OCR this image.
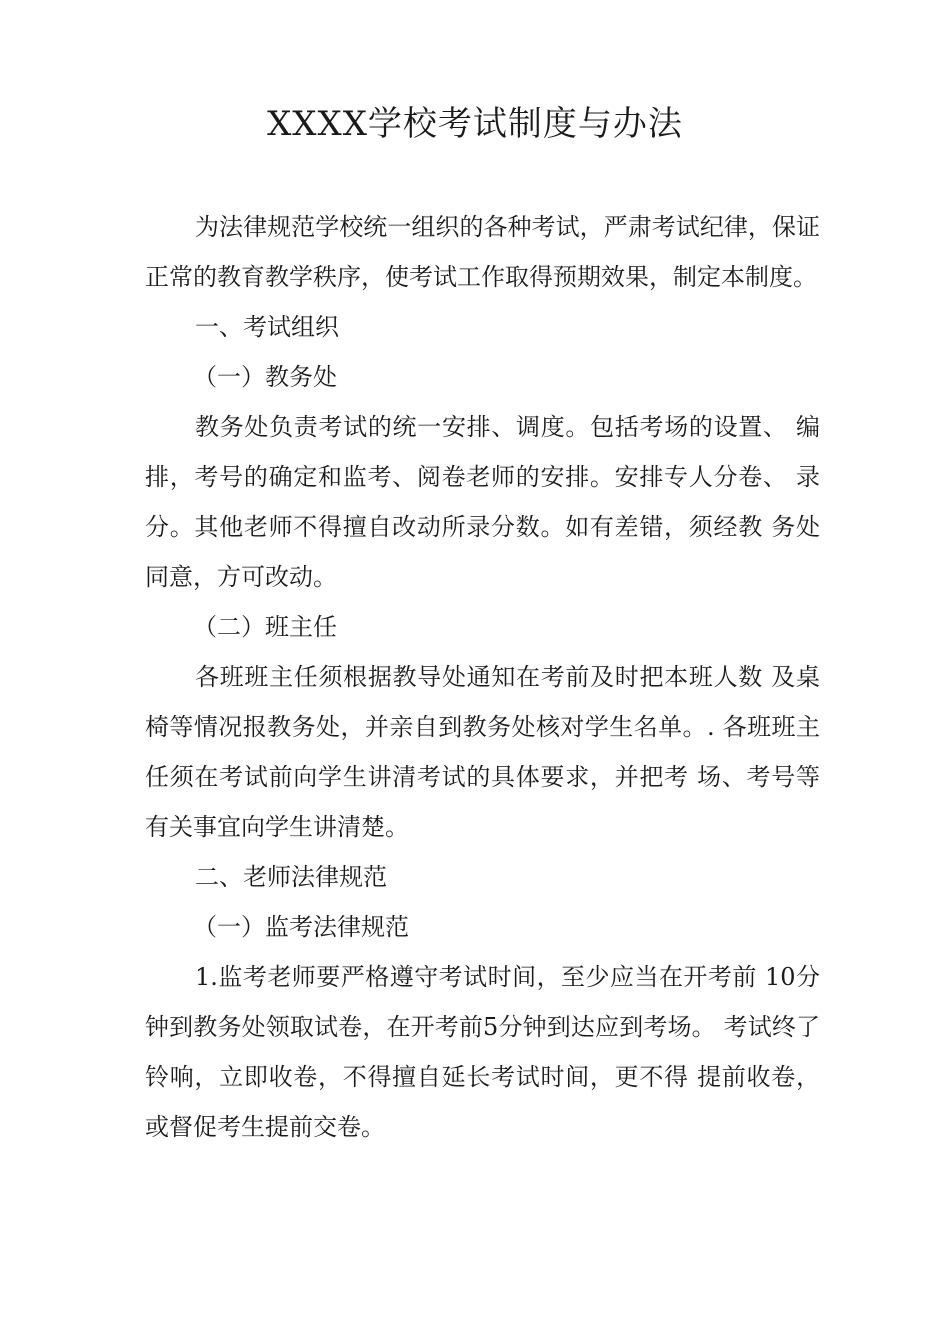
XXXX学校考试制度与办法

为法律规范学校统一组织的各种考试，严肃考试纪律，保证 正常的教育教学秩序，使考试工作取得预期效果，制定本制度。

一、考试组织

（一）教务处

教务处负责考试的统一安排、调度。包括考场的设置、 编排，考号的确定和监考、阅卷老师的安排。安排专人分卷、 录分。其他老师不得擅自改动所录分数。如有差错，须经教 务处同意，方可改动。

（二）班主任

各班班主任须根据教导处通知在考前及时把本班人数 及桌椅等情况报教务处，并亲自到教务处核对学生名单。. 各班班主任须在考试前向学生讲清考试的具体要求，并把考 场、考号等有关事宜向学生讲清楚。

二、老师法律规范

（一）监考法律规范

1.监考老师要严格遵守考试时间，至少应当在开考前 10分钟到教务处领取试卷，在开考前5分钟到达应到考场。 考试终了铃响，立即收卷，不得擅自延长考试时间，更不得 提前收卷，或督促考生提前交卷。
